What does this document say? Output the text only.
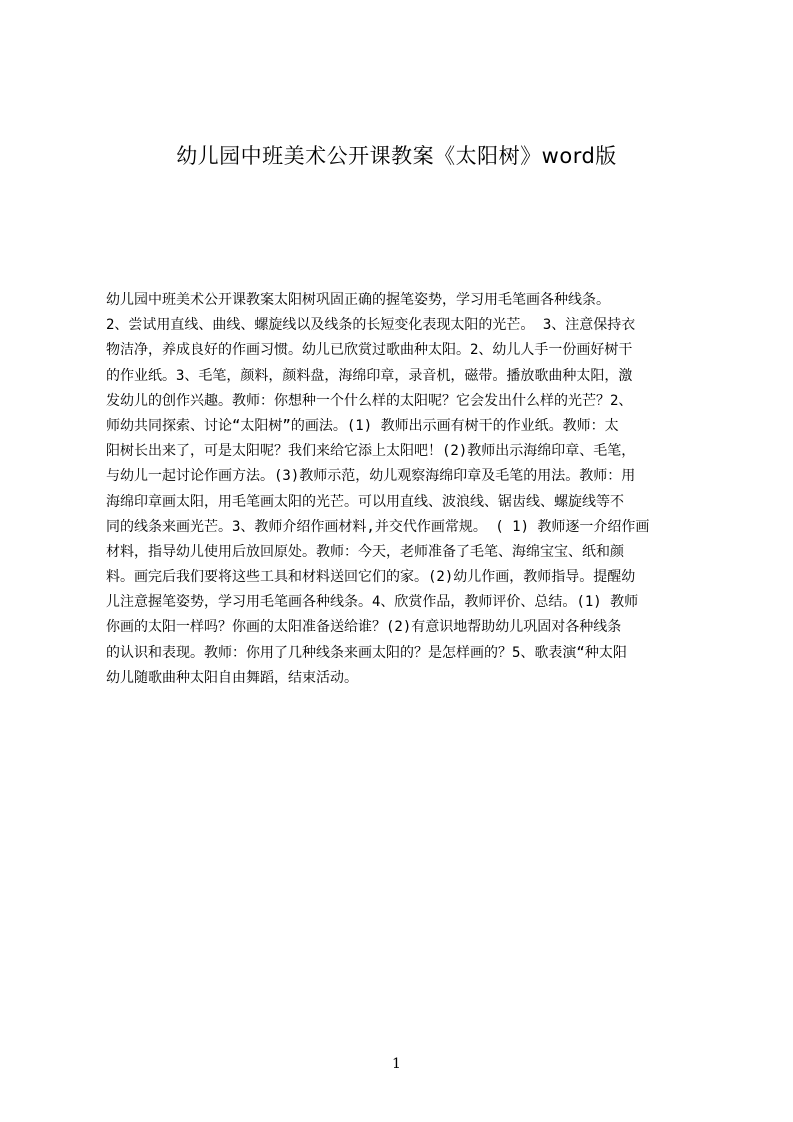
幼儿园中班美术公开课教案《太阳树》word版
幼儿园中班美术公开课教案太阳树巩固正确的握笔姿势，学习用毛笔画各种线条。
2、尝试用直线、曲线、螺旋线以及线条的长短变化表现太阳的光芒。 3、注意保持衣
物洁净，养成良好的作画习惯。幼儿已欣赏过歌曲种太阳。2、幼儿人手一份画好树干
的作业纸。3、毛笔，颜料，颜料盘，海绵印章，录音机，磁带。播放歌曲种太阳，激
发幼儿的创作兴趣。教师：你想种一个什么样的太阳呢？它会发出什么样的光芒？2、
师幼共同探索、讨论“太阳树”的画法。(1) 教师出示画有树干的作业纸。教师：太
阳树长出来了，可是太阳呢？我们来给它添上太阳吧！(2)教师出示海绵印章、毛笔，
与幼儿一起讨论作画方法。(3)教师示范，幼儿观察海绵印章及毛笔的用法。教师：用
海绵印章画太阳，用毛笔画太阳的光芒。可以用直线、波浪线、锯齿线、螺旋线等不
同的线条来画光芒。3、教师介绍作画材料,并交代作画常规。 ( 1) 教师逐一介绍作画
材料，指导幼儿使用后放回原处。教师：今天，老师准备了毛笔、海绵宝宝、纸和颜
料。画完后我们要将这些工具和材料送回它们的家。(2)幼儿作画，教师指导。提醒幼
儿注意握笔姿势，学习用毛笔画各种线条。4、欣赏作品，教师评价、总结。(1) 教师
你画的太阳一样吗？你画的太阳准备送给谁？(2)有意识地帮助幼儿巩固对各种线条
的认识和表现。教师：你用了几种线条来画太阳的？是怎样画的？5、歌表演“种太阳
幼儿随歌曲种太阳自由舞蹈，结束活动。
1
